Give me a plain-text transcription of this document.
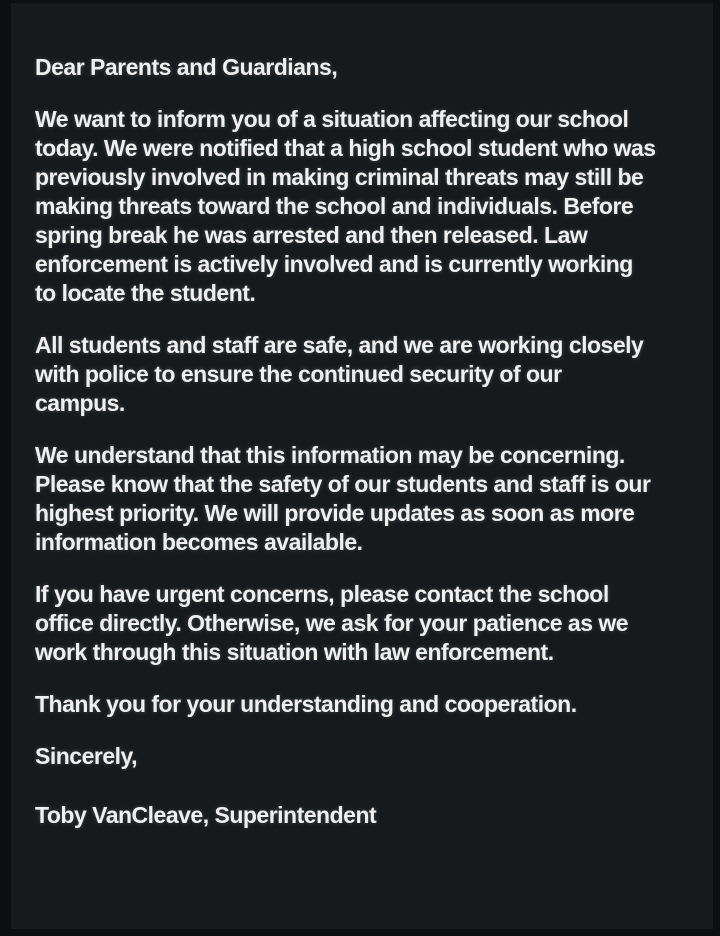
Dear Parents and Guardians,

We want to inform you of a situation affecting our school
today. We were notified that a high school student who was
previously involved in making criminal threats may still be
making threats toward the school and individuals. Before
spring break he was arrested and then released. Law
enforcement is actively involved and is currently working
to locate the student.

All students and staff are safe, and we are working closely
with police to ensure the continued security of our
campus.

We understand that this information may be concerning.
Please know that the safety of our students and staff is our
highest priority. We will provide updates as soon as more
information becomes available.

If you have urgent concerns, please contact the school
office directly. Otherwise, we ask for your patience as we
work through this situation with law enforcement.

Thank you for your understanding and cooperation.

Sincerely,

Toby VanCleave, Superintendent
